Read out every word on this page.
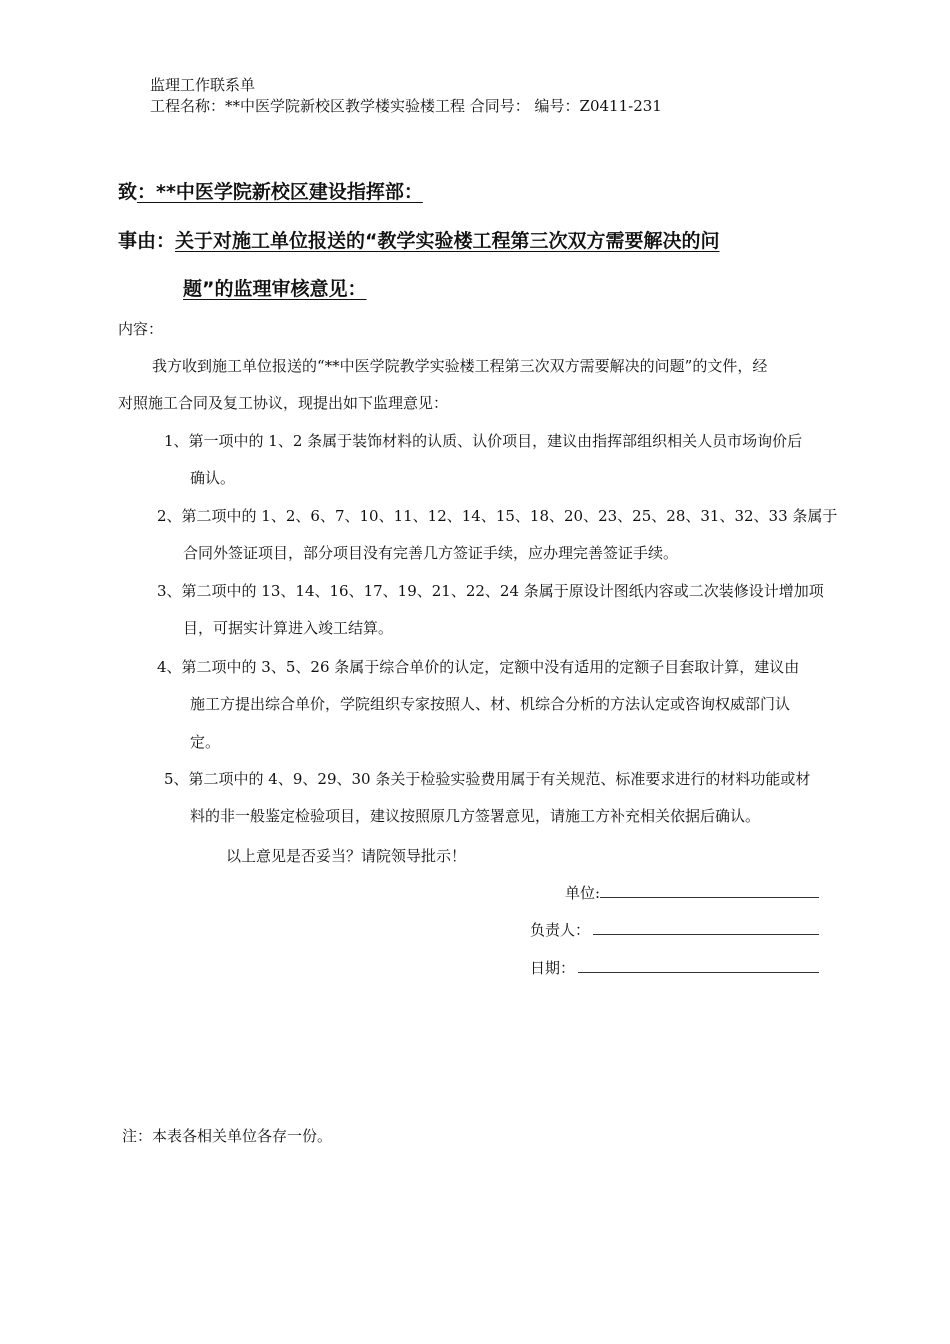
监理工作联系单
工程名称：**中医学院新校区教学楼实验楼工程 合同号： 编号：Z0411-231
致：**中医学院新校区建设指挥部：
事由：关于对施工单位报送的“教学实验楼工程第三次双方需要解决的问
题”的监理审核意见：
内容：
我方收到施工单位报送的“**中医学院教学实验楼工程第三次双方需要解决的问题”的文件，经
对照施工合同及复工协议，现提出如下监理意见：
1、第一项中的 1、2 条属于装饰材料的认质、认价项目，建议由指挥部组织相关人员市场询价后
确认。
2、第二项中的 1、2、6、7、10、11、12、14、15、18、20、23、25、28、31、32、33 条属于
合同外签证项目，部分项目没有完善几方签证手续，应办理完善签证手续。
3、第二项中的 13、14、16、17、19、21、22、24 条属于原设计图纸内容或二次装修设计增加项
目，可据实计算进入竣工结算。
4、第二项中的 3、5、26 条属于综合单价的认定，定额中没有适用的定额子目套取计算，建议由
施工方提出综合单价，学院组织专家按照人、材、机综合分析的方法认定或咨询权威部门认
定。
5、第二项中的 4、9、29、30 条关于检验实验费用属于有关规范、标准要求进行的材料功能或材
料的非一般鉴定检验项目，建议按照原几方签署意见，请施工方补充相关依据后确认。
以上意见是否妥当？请院领导批示！
单位:
负责人：
日期：
注：本表各相关单位各存一份。
